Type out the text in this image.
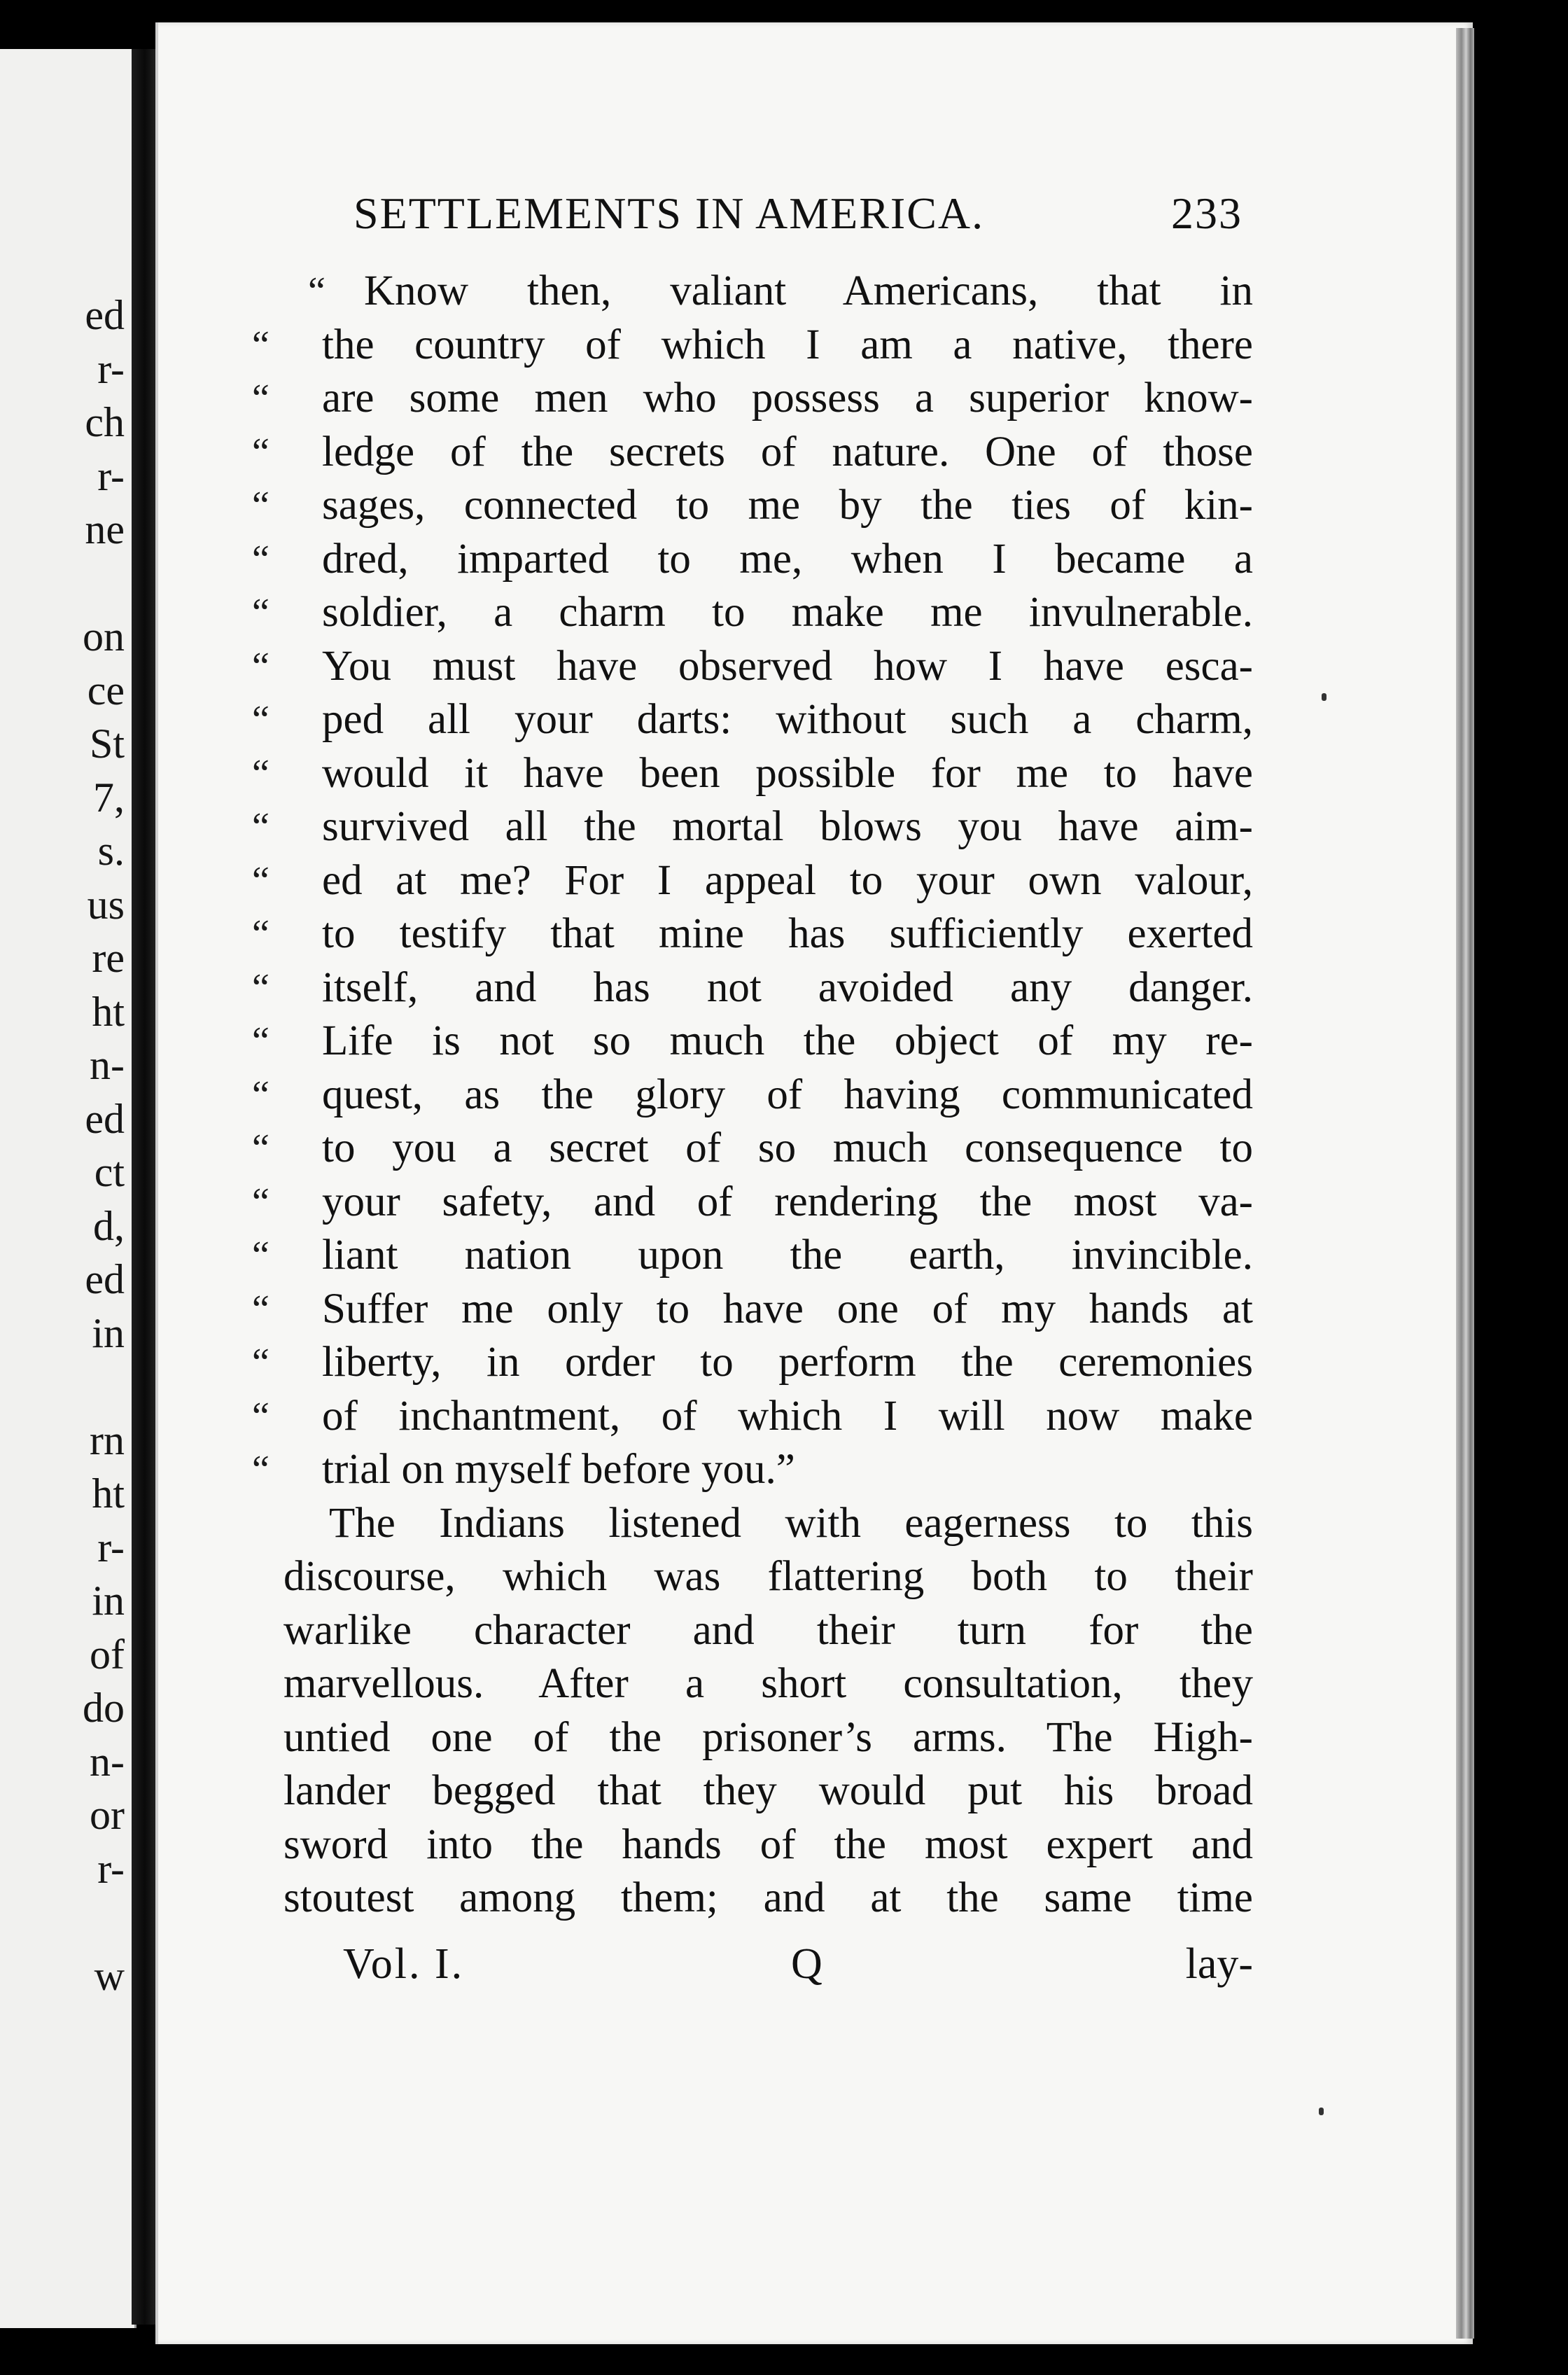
ed
r-
ch
r-
ne
on
ce
St
7,
s.
us
re
ht
n-
ed
ct
d,
ed
in
rn
ht
r-
in
of
do
n-
or
r-
w
SETTLEMENTS IN AMERICA.	233
“ Know then, valiant Americans, that in
“	the country of which I am a native, there
“	are some men who possess a superior know-
“	ledge of the secrets of nature. One of those
“	sages, connected to me by the ties of kin-
“	dred, imparted to me, when I became a
“	soldier, a charm to make me invulnerable.
“	You must have observed how I have esca-
“	ped all your darts: without such a charm,
“	would it have been possible for me to have
“	survived all the mortal blows you have aim-
“	ed at me? For I appeal to your own valour,
“	to testify that mine has sufficiently exerted
“	itself, and has not avoided any danger.
“	Life is not so much the object of my re-
“	quest, as the glory of having communicated
“	to you a secret of so much consequence to
“	your safety, and of rendering the most va-
“	liant nation upon the earth, invincible.
“	Suffer me only to have one of my hands at
“	liberty, in order to perform the ceremonies
“	of inchantment, of which I will now make
“	trial on myself before you.”
The Indians listened with eagerness to this
discourse, which was flattering both to their
warlike character and their turn for the
marvellous. After a short consultation, they
untied one of the prisoner’s arms. The High-
lander begged that they would put his broad
sword into the hands of the most expert and
stoutest among them; and at the same time
Vol. I.	Q	lay-
